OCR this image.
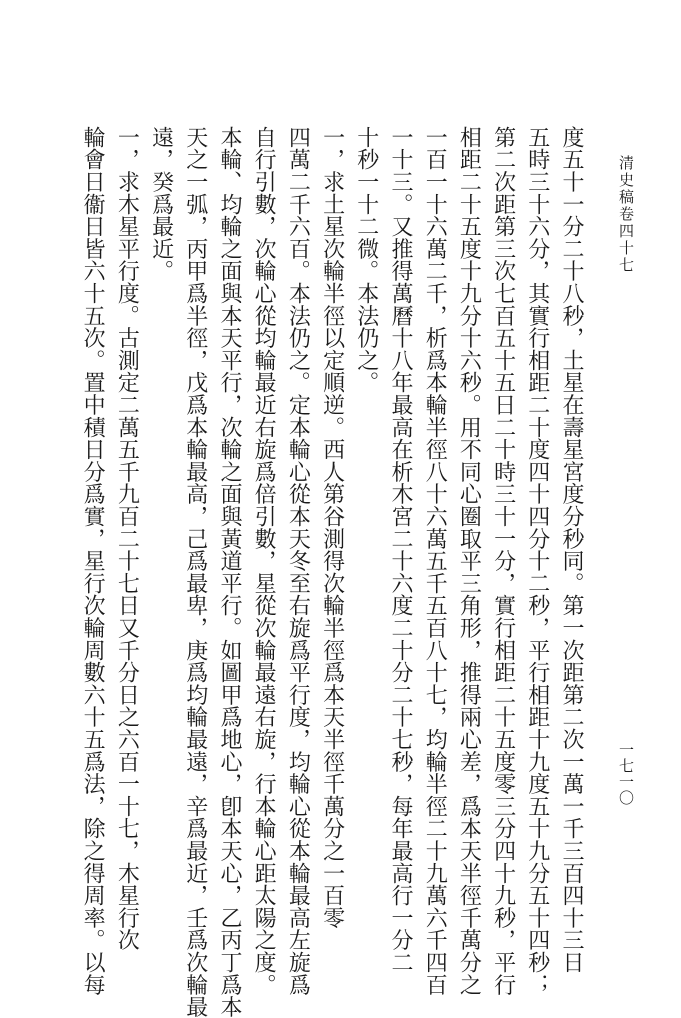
清史稿卷四十七
一七一〇
度五十一分二十八秒，土星在壽星宮度分秒同。第一次距第二次一萬一千三百四十三日
五時三十六分，其實行相距二十度四十四分十二秒，平行相距十九度五十九分五十四秒；
第二次距第三次七百五十五日二十時三十一分，實行相距二十五度零三分四十九秒，平行
相距二十五度十九分十六秒。用不同心圈取平三角形，推得兩心差，爲本天半徑千萬分之
一百一十六萬二千，析爲本輪半徑八十六萬五千五百八十七，均輪半徑二十九萬六千四百
一十三。又推得萬曆十八年最高在析木宮二十六度二十分二十七秒，每年最高行一分二
十秒一十二微。本法仍之。
一，求土星次輪半徑以定順逆。西人第谷測得次輪半徑爲本天半徑千萬分之一百零
四萬二千六百。本法仍之。定本輪心從本天冬至右旋爲平行度，均輪心從本輪最高左旋爲
自行引數，次輪心從均輪最近右旋爲倍引數，星從次輪最遠右旋，行本輪心距太陽之度。
本輪、均輪之面與本天平行，次輪之面與黃道平行。如圖甲爲地心，卽本天心，乙丙丁爲本
天之一弧，丙甲爲半徑，戊爲本輪最高，己爲最卑，庚爲均輪最遠，辛爲最近，壬爲次輪最
遠，癸爲最近。
一，求木星平行度。古測定二萬五千九百二十七日又千分日之六百一十七，木星行次
輪會日衞日皆六十五次。置中積日分爲實，星行次輪周數六十五爲法，除之得周率。以每
